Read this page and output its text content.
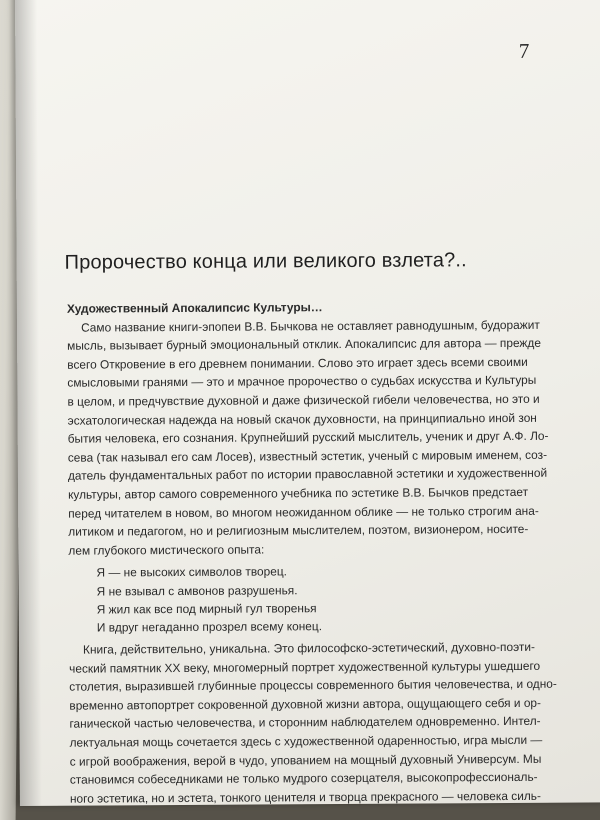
7
Пророчество конца или великого взлета?..
Художественный Апокалипсис Культуры…
Само название книги-эпопеи В.В. Бычкова не оставляет равнодушным, будоражит
мысль, вызывает бурный эмоциональный отклик. Апокалипсис для автора — прежде
всего Откровение в его древнем понимании. Слово это играет здесь всеми своими
смысловыми гранями — это и мрачное пророчество о судьбах искусства и Культуры
в целом, и предчувствие духовной и даже физической гибели человечества, но это и
эсхатологическая надежда на новый скачок духовности, на принципиально иной зон
бытия человека, его сознания. Крупнейший русский мыслитель, ученик и друг А.Ф. Ло-
сева (так называл его сам Лосев), известный эстетик, ученый с мировым именем, соз-
датель фундаментальных работ по истории православной эстетики и художественной
культуры, автор самого современного учебника по эстетике В.В. Бычков предстает
перед читателем в новом, во многом неожиданном облике — не только строгим ана-
литиком и педагогом, но и религиозным мыслителем, поэтом, визионером, носите-
лем глубокого мистического опыта:
Я — не высоких символов творец.
Я не взывал с амвонов разрушенья.
Я жил как все под мирный гул творенья
И вдруг негаданно прозрел всему конец.
Книга, действительно, уникальна. Это философско-эстетический, духовно-поэти-
ческий памятник XX веку, многомерный портрет художественной культуры ушедшего
столетия, выразившей глубинные процессы современного бытия человечества, и одно-
временно автопортрет сокровенной духовной жизни автора, ощущающего себя и ор-
ганической частью человечества, и сторонним наблюдателем одновременно. Интел-
лектуальная мощь сочетается здесь с художественной одаренностью, игра мысли —
с игрой воображения, верой в чудо, упованием на мощный духовный Универсум. Мы
становимся собеседниками не только мудрого созерцателя, высокопрофессиональ-
ного эстетика, но и эстета, тонкого ценителя и творца прекрасного — человека силь-
